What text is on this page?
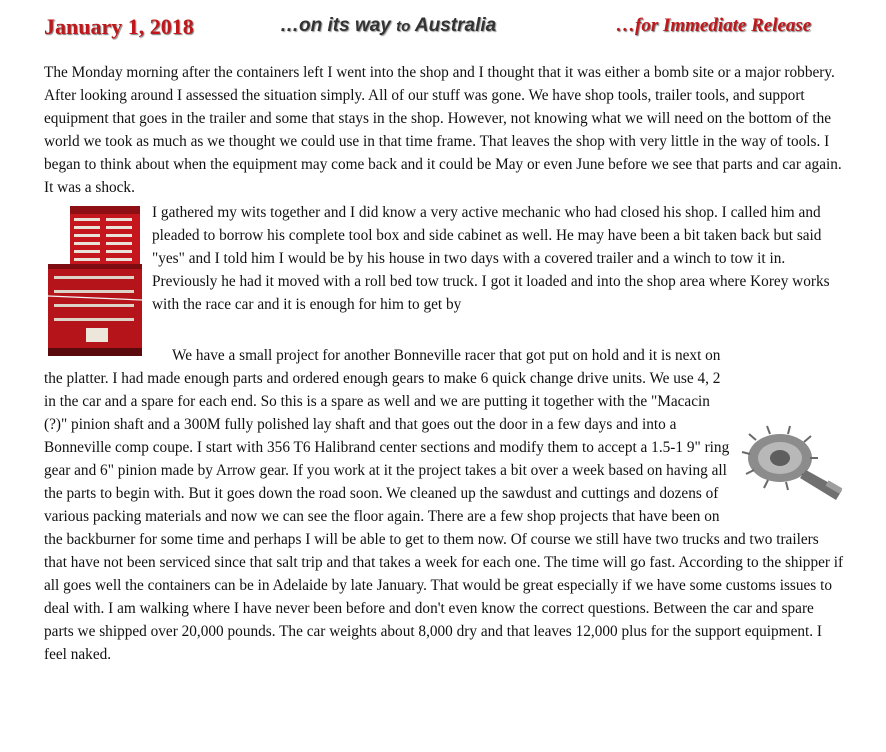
January 1, 2018	…on its way to Australia	…for Immediate Release

The Monday morning after the containers left I went into the shop and I thought that it was either a bomb site or a major robbery. After looking around I assessed the situation simply. All of our stuff was gone. We have shop tools, trailer tools, and support equipment that goes in the trailer and some that stays in the shop. However, not knowing what we will need on the bottom of the world we took as much as we thought we could use in that time frame. That leaves the shop with very little in the way of tools. I began to think about when the equipment may come back and it could be May or even June before we see that parts and car again. It was a shock.

I gathered my wits together and I did know a very active mechanic who had closed his shop. I called him and pleaded to borrow his complete tool box and side cabinet as well. He may have been a bit taken back but said "yes" and I told him I would be by his house in two days with a covered trailer and a winch to tow it in. Previously he had it moved with a roll bed tow truck. I got it loaded and into the shop area where Korey works with the race car and it is enough for him to get by

We have a small project for another Bonneville racer that got put on hold and it is next on the platter. I had made enough parts and ordered enough gears to make 6 quick change drive units. We use 4, 2 in the car and a spare for each end. So this is a spare as well and we are putting it together with the "Macacin (?)" pinion shaft and a 300M fully polished lay shaft and that goes out the door in a few days and into a Bonneville comp coupe. I start with 356 T6 Halibrand center sections and modify them to accept a 1.5-1 9" ring gear and 6" pinion made by Arrow gear. If you work at it the project takes a bit over a week based on having all the parts to begin with. But it goes down the road soon. We cleaned up the sawdust and cuttings and dozens of various packing materials and now we can see the floor again. There are a few shop projects that have been on the backburner for some time and perhaps I will be able to get to them now. Of course we still have two trucks and two trailers that have not been serviced since that salt trip and that takes a week for each one. The time will go fast. According to the shipper if all goes well the containers can be in Adelaide by late January. That would be great especially if we have some customs issues to deal with. I am walking where I have never been before and don't even know the correct questions. Between the car and spare parts we shipped over 20,000 pounds. The car weights about 8,000 dry and that leaves 12,000 plus for the support equipment. I feel naked.
